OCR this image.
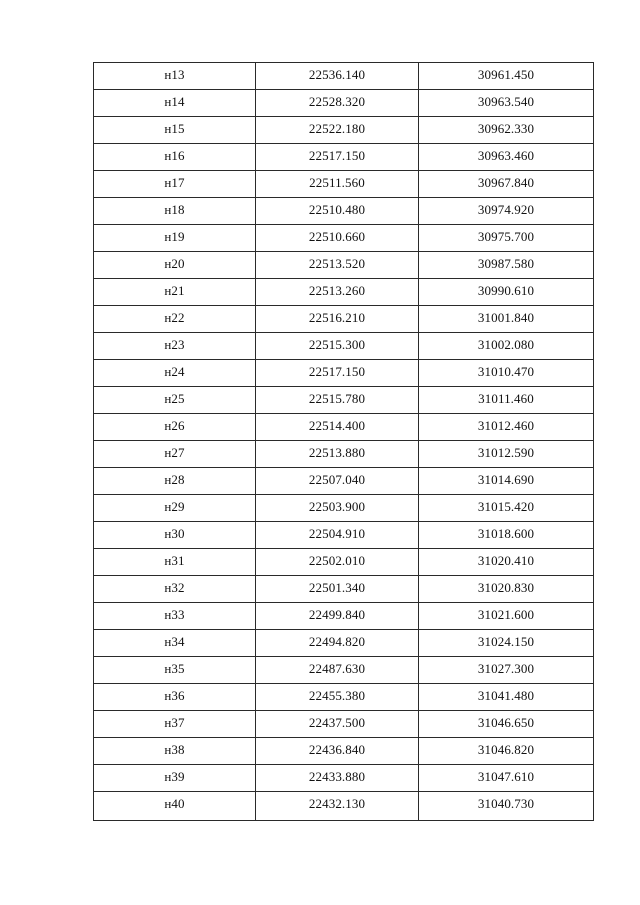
н13	22536.140	30961.450
н14	22528.320	30963.540
н15	22522.180	30962.330
н16	22517.150	30963.460
н17	22511.560	30967.840
н18	22510.480	30974.920
н19	22510.660	30975.700
н20	22513.520	30987.580
н21	22513.260	30990.610
н22	22516.210	31001.840
н23	22515.300	31002.080
н24	22517.150	31010.470
н25	22515.780	31011.460
н26	22514.400	31012.460
н27	22513.880	31012.590
н28	22507.040	31014.690
н29	22503.900	31015.420
н30	22504.910	31018.600
н31	22502.010	31020.410
н32	22501.340	31020.830
н33	22499.840	31021.600
н34	22494.820	31024.150
н35	22487.630	31027.300
н36	22455.380	31041.480
н37	22437.500	31046.650
н38	22436.840	31046.820
н39	22433.880	31047.610
н40	22432.130	31040.730
